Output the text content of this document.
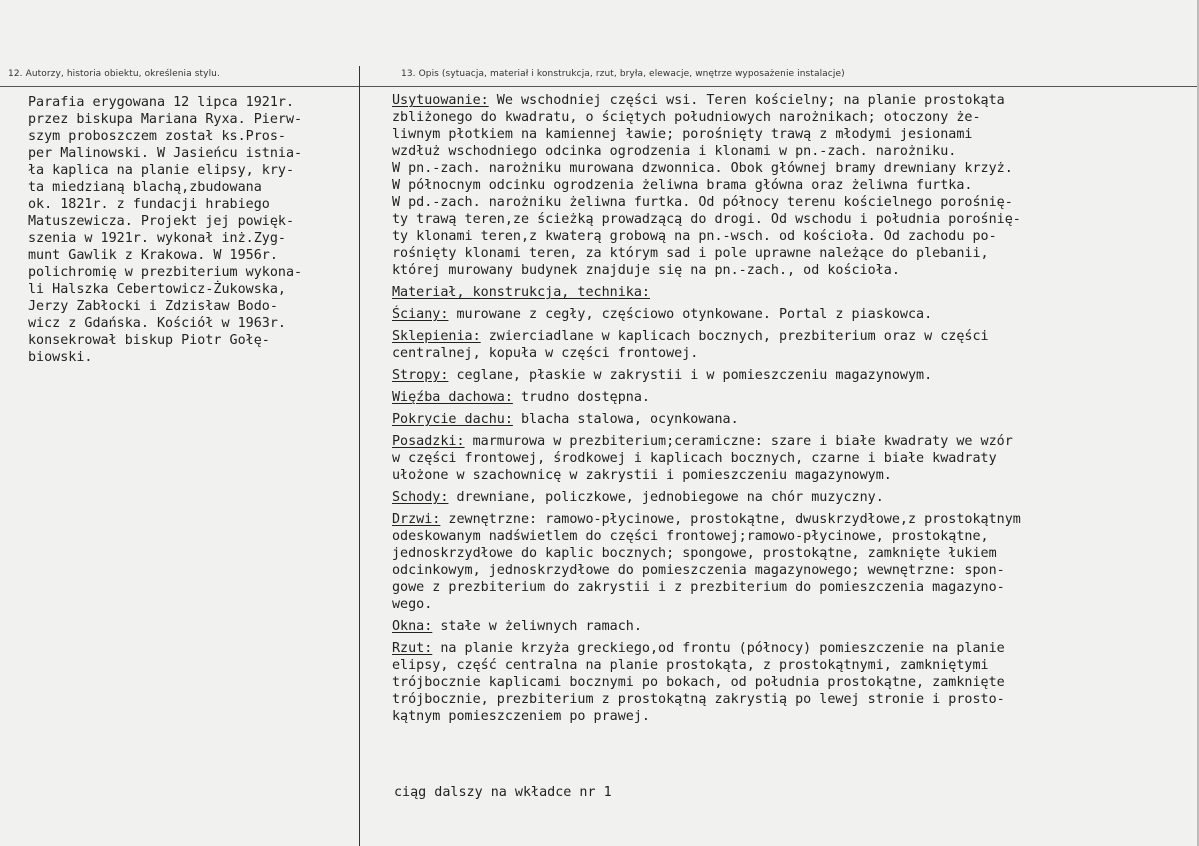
12. Autorzy, historia obiektu, określenia stylu.	13. Opis (sytuacja, materiał i konstrukcja, rzut, bryła, elewacje, wnętrze wyposażenie instalacje)
Parafia erygowana 12 lipca 1921r.
przez biskupa Mariana Ryxa. Pierw-
szym proboszczem został ks.Pros-
per Malinowski. W Jasieńcu istnia-
ła kaplica na planie elipsy, kry-
ta miedzianą blachą,zbudowana
ok. 1821r. z fundacji hrabiego
Matuszewicza. Projekt jej powięk-
szenia w 1921r. wykonał inż.Zyg-
munt Gawlik z Krakowa. W 1956r.
polichromię w prezbiterium wykona-
li Halszka Cebertowicz-Żukowska,
Jerzy Zabłocki i Zdzisław Bodo-
wicz z Gdańska. Kościół w 1963r.
konsekrował biskup Piotr Gołę-
biowski.
Usytuowanie: We wschodniej części wsi. Teren kościelny; na planie prostokąta
zbliżonego do kwadratu, o ściętych południowych narożnikach; otoczony że-
liwnym płotkiem na kamiennej ławie; porośnięty trawą z młodymi jesionami
wzdłuż wschodniego odcinka ogrodzenia i klonami w pn.-zach. narożniku.
W pn.-zach. narożniku murowana dzwonnica. Obok głównej bramy drewniany krzyż.
W północnym odcinku ogrodzenia żeliwna brama główna oraz żeliwna furtka.
W pd.-zach. narożniku żeliwna furtka. Od północy terenu kościelnego porośnię-
ty trawą teren,ze ścieżką prowadzącą do drogi. Od wschodu i południa porośnię-
ty klonami teren,z kwaterą grobową na pn.-wsch. od kościoła. Od zachodu po-
rośnięty klonami teren, za którym sad i pole uprawne należące do plebanii,
której murowany budynek znajduje się na pn.-zach., od kościoła.
Materiał, konstrukcja, technika:
Ściany: murowane z cegły, częściowo otynkowane. Portal z piaskowca.
Sklepienia: zwierciadlane w kaplicach bocznych, prezbiterium oraz w części
centralnej, kopuła w części frontowej.
Stropy: ceglane, płaskie w zakrystii i w pomieszczeniu magazynowym.
Więźba dachowa: trudno dostępna.
Pokrycie dachu: blacha stalowa, ocynkowana.
Posadzki: marmurowa w prezbiterium;ceramiczne: szare i białe kwadraty we wzór
w części frontowej, środkowej i kaplicach bocznych, czarne i białe kwadraty
ułożone w szachownicę w zakrystii i pomieszczeniu magazynowym.
Schody: drewniane, policzkowe, jednobiegowe na chór muzyczny.
Drzwi: zewnętrzne: ramowo-płycinowe, prostokątne, dwuskrzydłowe,z prostokątnym
odeskowanym nadświetlem do części frontowej;ramowo-płycinowe, prostokątne,
jednoskrzydłowe do kaplic bocznych; spongowe, prostokątne, zamknięte łukiem
odcinkowym, jednoskrzydłowe do pomieszczenia magazynowego; wewnętrzne: spon-
gowe z prezbiterium do zakrystii i z prezbiterium do pomieszczenia magazyno-
wego.
Okna: stałe w żeliwnych ramach.
Rzut: na planie krzyża greckiego,od frontu (północy) pomieszczenie na planie
elipsy, część centralna na planie prostokąta, z prostokątnymi, zamkniętymi
trójbocznie kaplicami bocznymi po bokach, od południa prostokątne, zamknięte
trójbocznie, prezbiterium z prostokątną zakrystią po lewej stronie i prosto-
kątnym pomieszczeniem po prawej.
ciąg dalszy na wkładce nr 1
